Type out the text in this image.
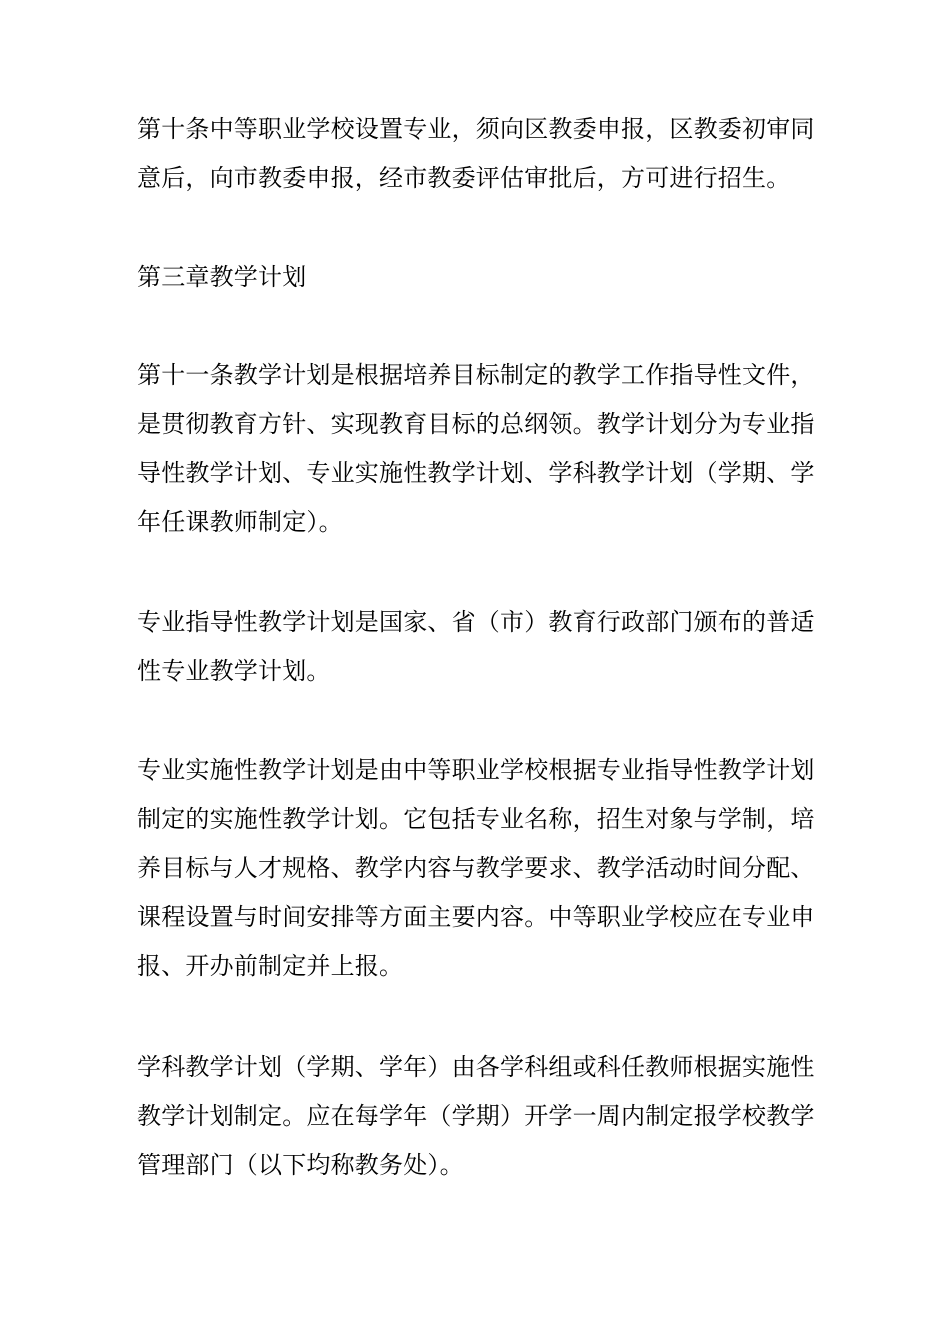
第十条中等职业学校设置专业，须向区教委申报，区教委初审同
意后，向市教委申报，经市教委评估审批后，方可进行招生。
第三章教学计划
第十一条教学计划是根据培养目标制定的教学工作指导性文件，
是贯彻教育方针、实现教育目标的总纲领。教学计划分为专业指
导性教学计划、专业实施性教学计划、学科教学计划（学期、学
年任课教师制定）。
专业指导性教学计划是国家、省（市）教育行政部门颁布的普适
性专业教学计划。
专业实施性教学计划是由中等职业学校根据专业指导性教学计划
制定的实施性教学计划。它包括专业名称，招生对象与学制，培
养目标与人才规格、教学内容与教学要求、教学活动时间分配、
课程设置与时间安排等方面主要内容。中等职业学校应在专业申
报、开办前制定并上报。
学科教学计划（学期、学年）由各学科组或科任教师根据实施性
教学计划制定。应在每学年（学期）开学一周内制定报学校教学
管理部门（以下均称教务处）。
